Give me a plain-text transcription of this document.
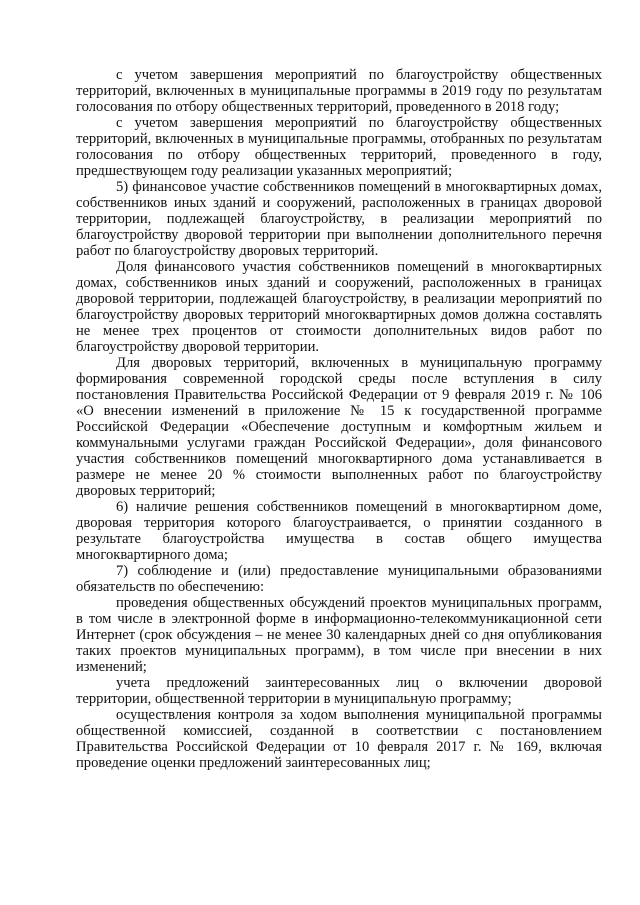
с учетом завершения мероприятий по благоустройству общественных территорий, включенных в муниципальные программы в 2019 году по результатам голосования по отбору общественных территорий, проведенного в 2018 году;

с учетом завершения мероприятий по благоустройству общественных территорий, включенных в муниципальные программы, отобранных по результатам голосования по отбору общественных территорий, проведенного в году, предшествующем году реализации указанных мероприятий;

5) финансовое участие собственников помещений в многоквартирных домах, собственников иных зданий и сооружений, расположенных в границах дворовой территории, подлежащей благоустройству, в реализации мероприятий по благоустройству дворовой территории при выполнении дополнительного перечня работ по благоустройству дворовых территорий.

Доля финансового участия собственников помещений в многоквартирных домах, собственников иных зданий и сооружений, расположенных в границах дворовой территории, подлежащей благоустройству, в реализации мероприятий по благоустройству дворовых территорий многоквартирных домов должна составлять не менее трех процентов от стоимости дополнительных видов работ по благоустройству дворовой территории.

Для дворовых территорий, включенных в муниципальную программу формирования современной городской среды после вступления в силу постановления Правительства Российской Федерации от 9 февраля 2019 г. № 106 «О внесении изменений в приложение № 15 к государственной программе Российской Федерации «Обеспечение доступным и комфортным жильем и коммунальными услугами граждан Российской Федерации», доля финансового участия собственников помещений многоквартирного дома устанавливается в размере не менее 20 % стоимости выполненных работ по благоустройству дворовых территорий;

6) наличие решения собственников помещений в многоквартирном доме, дворовая территория которого благоустраивается, о принятии созданного в результате благоустройства имущества в состав общего имущества многоквартирного дома;

7) соблюдение и (или) предоставление муниципальными образованиями обязательств по обеспечению:

проведения общественных обсуждений проектов муниципальных программ, в том числе в электронной форме в информационно-телекоммуникационной сети Интернет (срок обсуждения – не менее 30 календарных дней со дня опубликования таких проектов муниципальных программ), в том числе при внесении в них изменений;

учета предложений заинтересованных лиц о включении дворовой территории, общественной территории в муниципальную программу;

осуществления контроля за ходом выполнения муниципальной программы общественной комиссией, созданной в соответствии с постановлением Правительства Российской Федерации от 10 февраля 2017 г. № 169, включая проведение оценки предложений заинтересованных лиц;
